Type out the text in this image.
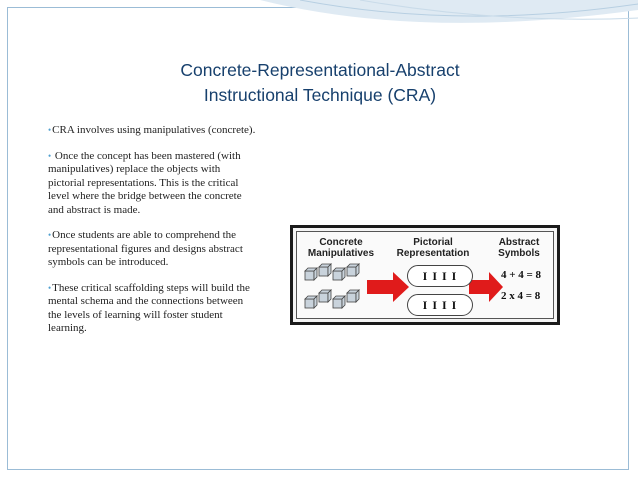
Concrete-Representational-Abstract
Instructional Technique (CRA)
•CRA involves using manipulatives (concrete).
• Once the concept has been mastered (with manipulatives) replace the objects with pictorial representations. This is the critical level where the bridge between the concrete and abstract is made.
•Once students are able to comprehend the representational figures and designs abstract symbols can be introduced.
•These critical scaffolding steps will build the mental schema and the connections between the levels of learning will foster student learning.
Concrete Manipulatives
Pictorial Representation
Abstract Symbols
I I I I
I I I I
4 + 4 = 8
2 x 4 = 8
